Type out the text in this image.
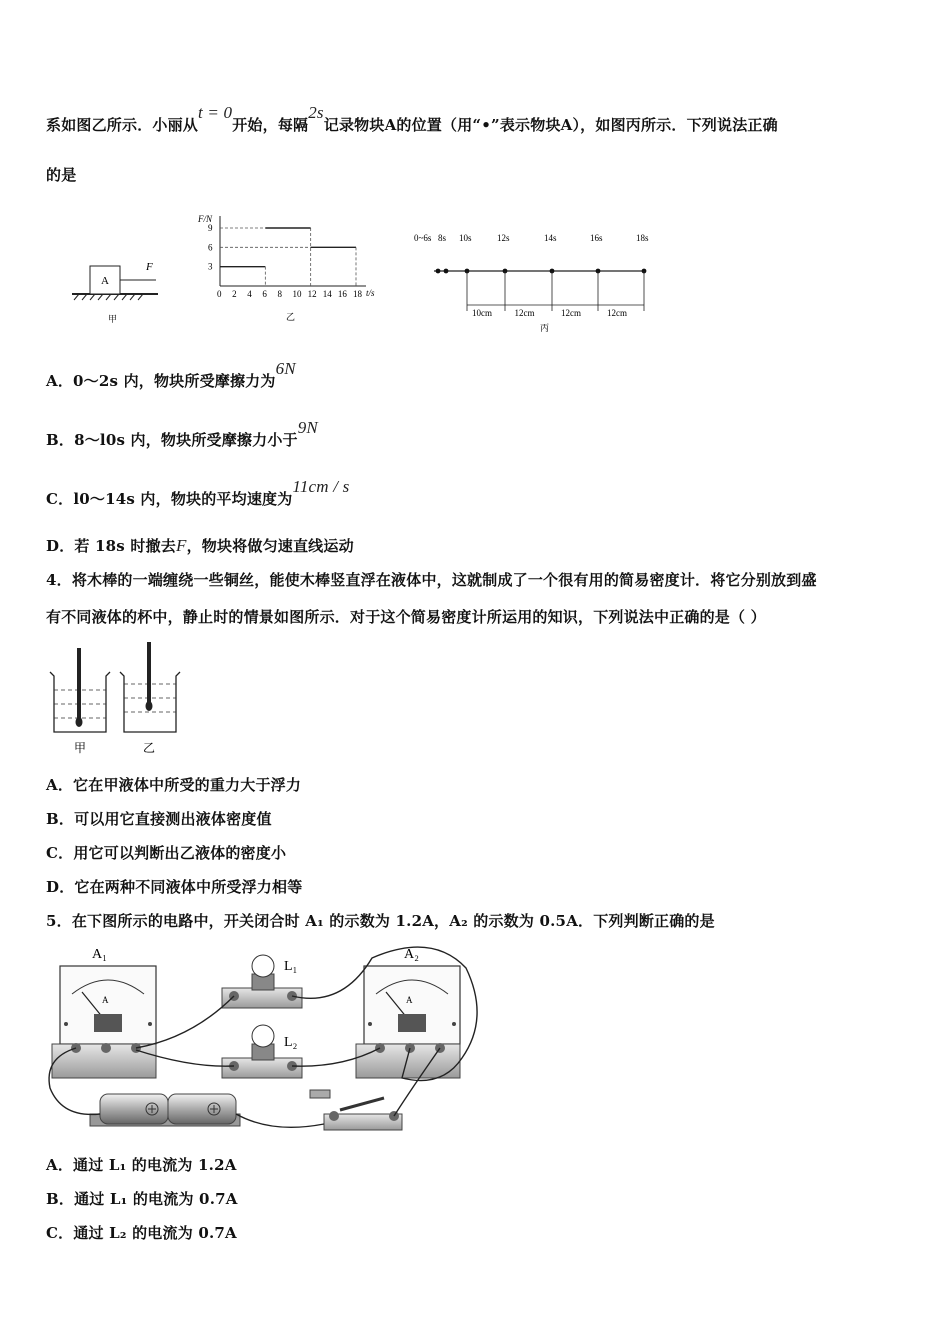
系如图乙所示．小丽从t = 0开始，每隔2s记录物块A的位置（用“•”表示物块A），如图丙所示．下列说法正确
的是
A
F
甲
F/N
t/s
乙
0 2 4 6 8 10 12 14 16 18
3
6
9
0~6s 8s 10s	12s	14s	16s	18s
10cm	12cm	12cm	12cm
丙
A．0～2s 内，物块所受摩擦力为6N
B．8～l0s 内，物块所受摩擦力小于9N
C．l0～14s 内，物块的平均速度为11cm / s
D．若 18s 时撤去F，物块将做匀速直线运动
4．将木棒的一端缠绕一些铜丝，能使木棒竖直浮在液体中，这就制成了一个很有用的简易密度计．将它分别放到盛
有不同液体的杯中，静止时的情景如图所示．对于这个简易密度计所运用的知识，下列说法中正确的是（ ）
甲	乙
A．它在甲液体中所受的重力大于浮力
B．可以用它直接测出液体密度值
C．用它可以判断出乙液体的密度小
D．它在两种不同液体中所受浮力相等
5．在下图所示的电路中，开关闭合时 A₁ 的示数为 1.2A，A₂ 的示数为 0.5A．下列判断正确的是
A
A₁
A
A₂
L₁
L₂
A．通过 L₁ 的电流为 1.2A
B．通过 L₁ 的电流为 0.7A
C．通过 L₂ 的电流为 0.7A
